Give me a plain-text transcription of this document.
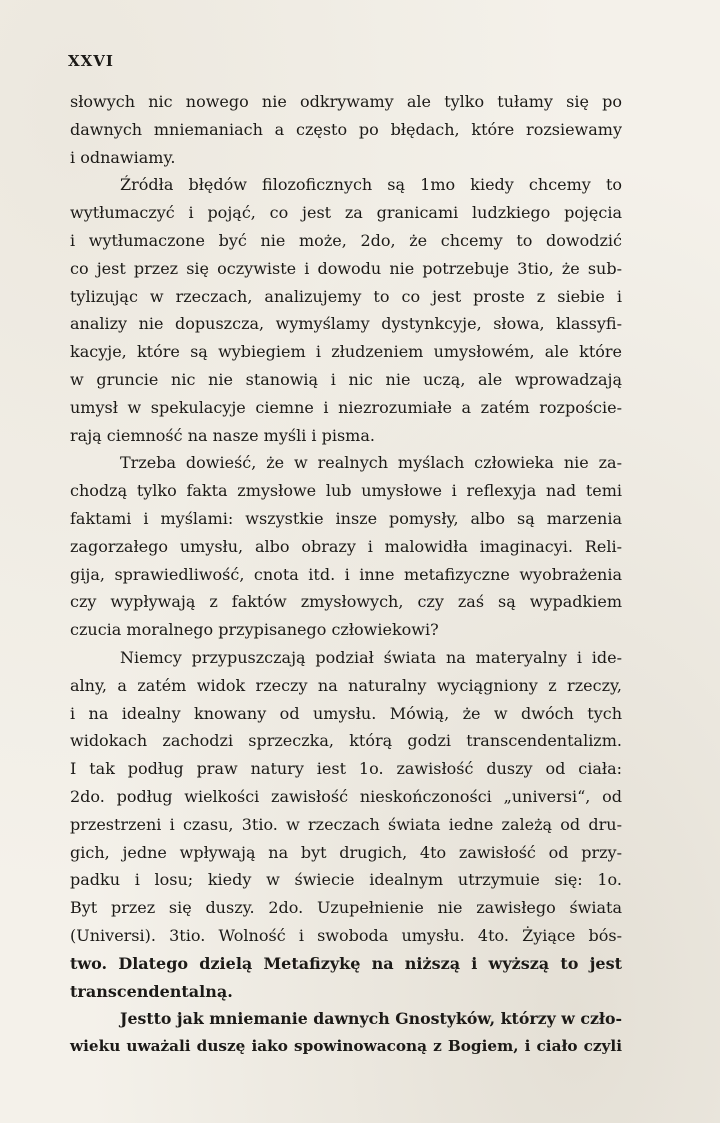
XXVI
słowych nic nowego nie odkrywamy ale tylko tułamy się po
dawnych mniemaniach a często po błędach, które rozsiewamy
i odnawiamy.
Źródła błędów filozoficznych są 1mo kiedy chcemy to
wytłumaczyć i pojąć, co jest za granicami ludzkiego pojęcia
i wytłumaczone być nie może, 2do, że chcemy to dowodzić
co jest przez się oczywiste i dowodu nie potrzebuje 3tio, że sub-
tylizując w rzeczach, analizujemy to co jest proste z siebie i
analizy nie dopuszcza, wymyślamy dystynkcyje, słowa, klassyfi-
kacyje, które są wybiegiem i złudzeniem umysłowém, ale które
w gruncie nic nie stanowią i nic nie uczą, ale wprowadzają
umysł w spekulacyje ciemne i niezrozumiałe a zatém rozpoście-
rają ciemność na nasze myśli i pisma.
Trzeba dowieść, że w realnych myślach człowieka nie za-
chodzą tylko fakta zmysłowe lub umysłowe i reflexyja nad temi
faktami i myślami: wszystkie insze pomysły, albo są marzenia
zagorzałego umysłu, albo obrazy i malowidła imaginacyi. Reli-
gija, sprawiedliwość, cnota itd. i inne metafizyczne wyobrażenia
czy wypływają z faktów zmysłowych, czy zaś są wypadkiem
czucia moralnego przypisanego człowiekowi?
Niemcy przypuszczają podział świata na materyalny i ide-
alny, a zatém widok rzeczy na naturalny wyciągniony z rzeczy,
i na idealny knowany od umysłu. Mówią, że w dwóch tych
widokach zachodzi sprzeczka, którą godzi transcendentalizm.
I tak podług praw natury iest 1o. zawisłość duszy od ciała:
2do. podług wielkości zawisłość nieskończoności „universi“, od
przestrzeni i czasu, 3tio. w rzeczach świata iedne zależą od dru-
gich, jedne wpływają na byt drugich, 4to zawisłość od przy-
padku i losu; kiedy w świecie idealnym utrzymuie się: 1o.
Byt przez się duszy. 2do. Uzupełnienie nie zawisłego świata
(Universi). 3tio. Wolność i swoboda umysłu. 4to. Żyiące bós-
two. Dlatego dzielą Metafizykę na niższą i wyższą to jest
transcendentalną.
Jestto jak mniemanie dawnych Gnostyków, którzy w czło-
wieku uważali duszę iako spowinowaconą z Bogiem, i ciało czyli
